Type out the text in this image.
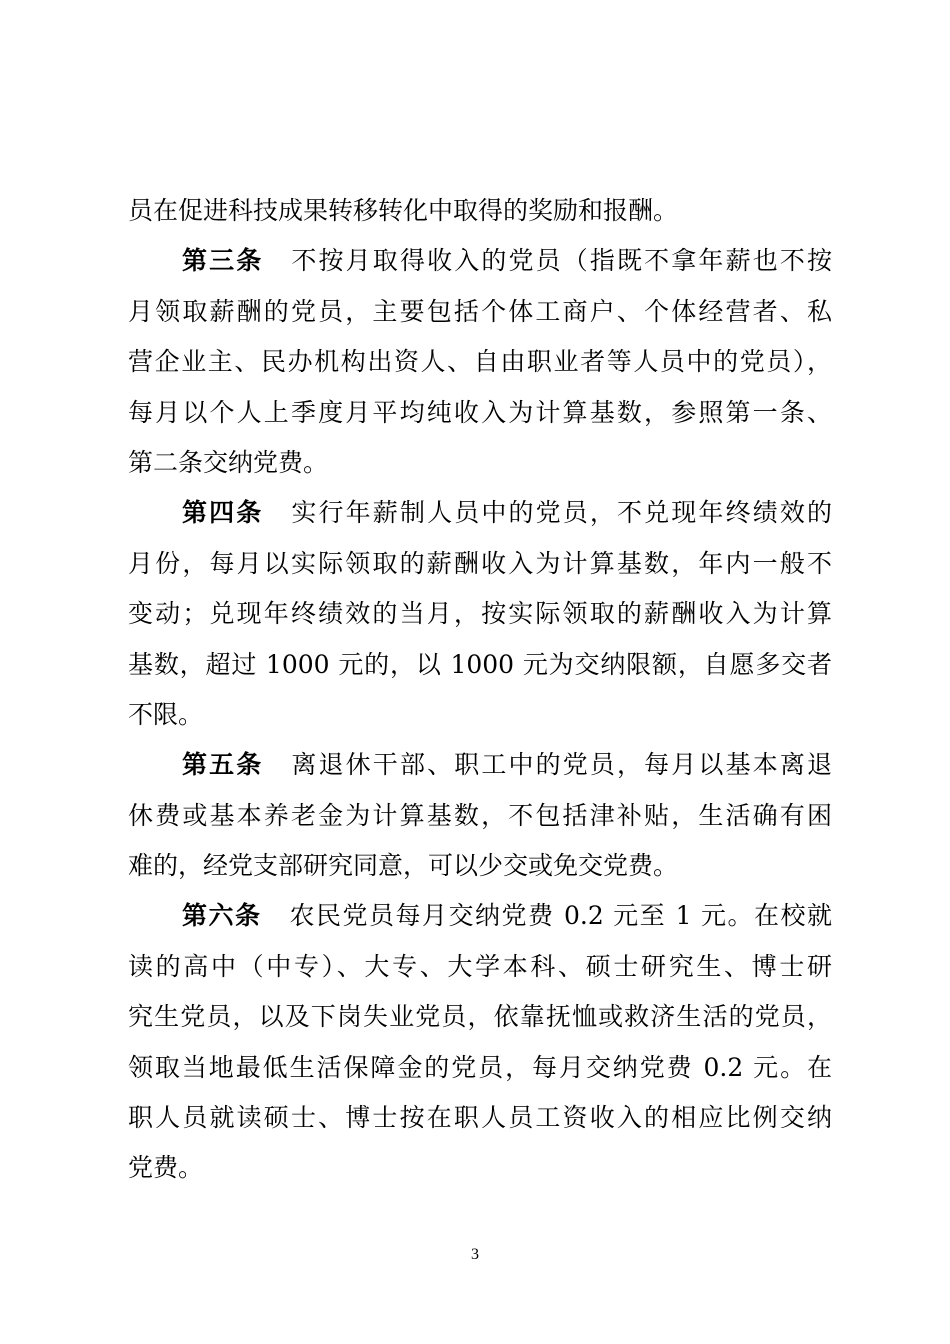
员在促进科技成果转移转化中取得的奖励和报酬。
第三条 不按月取得收入的党员（指既不拿年薪也不按
月领取薪酬的党员，主要包括个体工商户、个体经营者、私
营企业主、民办机构出资人、自由职业者等人员中的党员），
每月以个人上季度月平均纯收入为计算基数，参照第一条、
第二条交纳党费。
第四条 实行年薪制人员中的党员，不兑现年终绩效的
月份，每月以实际领取的薪酬收入为计算基数，年内一般不
变动；兑现年终绩效的当月，按实际领取的薪酬收入为计算
基数，超过 1000 元的，以 1000 元为交纳限额，自愿多交者
不限。
第五条 离退休干部、职工中的党员，每月以基本离退
休费或基本养老金为计算基数，不包括津补贴，生活确有困
难的，经党支部研究同意，可以少交或免交党费。
第六条 农民党员每月交纳党费 0.2 元至 1 元。在校就
读的高中（中专）、大专、大学本科、硕士研究生、博士研
究生党员，以及下岗失业党员，依靠抚恤或救济生活的党员，
领取当地最低生活保障金的党员，每月交纳党费 0.2 元。在
职人员就读硕士、博士按在职人员工资收入的相应比例交纳
党费。
3
